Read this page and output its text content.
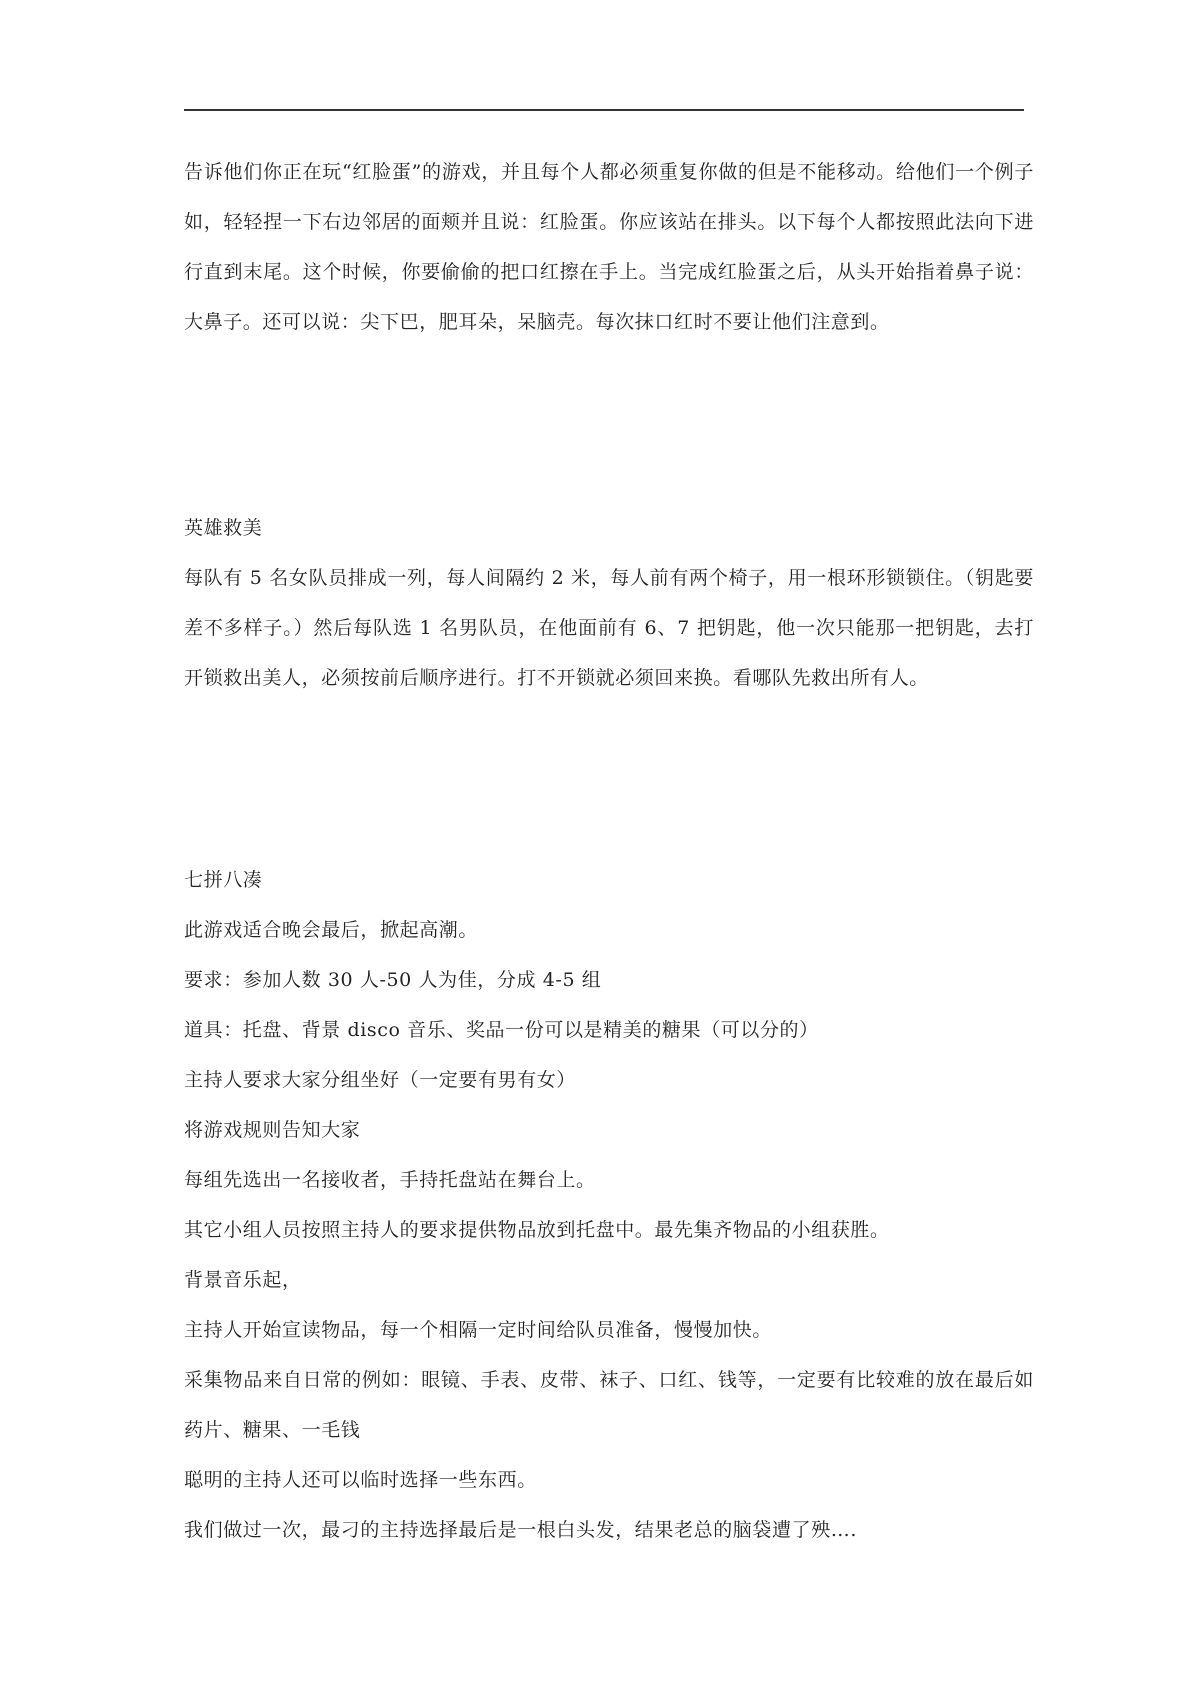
告诉他们你正在玩“红脸蛋”的游戏，并且每个人都必须重复你做的但是不能移动。给他们一个例子如，轻轻捏一下右边邻居的面颊并且说：红脸蛋。你应该站在排头。以下每个人都按照此法向下进行直到末尾。这个时候，你要偷偷的把口红擦在手上。当完成红脸蛋之后，从头开始指着鼻子说：大鼻子。还可以说：尖下巴，肥耳朵，呆脑壳。每次抹口红时不要让他们注意到。

英雄救美

每队有 5 名女队员排成一列，每人间隔约 2 米，每人前有两个椅子，用一根环形锁锁住。（钥匙要差不多样子。）然后每队选 1 名男队员，在他面前有 6、7 把钥匙，他一次只能那一把钥匙，去打开锁救出美人，必须按前后顺序进行。打不开锁就必须回来换。看哪队先救出所有人。

七拼八凑

此游戏适合晚会最后，掀起高潮。

要求：参加人数 30 人-50 人为佳，分成 4-5 组

道具：托盘、背景 disco 音乐、奖品一份可以是精美的糖果（可以分的）

主持人要求大家分组坐好（一定要有男有女）

将游戏规则告知大家

每组先选出一名接收者，手持托盘站在舞台上。

其它小组人员按照主持人的要求提供物品放到托盘中。最先集齐物品的小组获胜。

背景音乐起，

主持人开始宣读物品，每一个相隔一定时间给队员准备，慢慢加快。

采集物品来自日常的例如：眼镜、手表、皮带、袜子、口红、钱等，一定要有比较难的放在最后如药片、糖果、一毛钱

聪明的主持人还可以临时选择一些东西。

我们做过一次，最刁的主持选择最后是一根白头发，结果老总的脑袋遭了殃….
